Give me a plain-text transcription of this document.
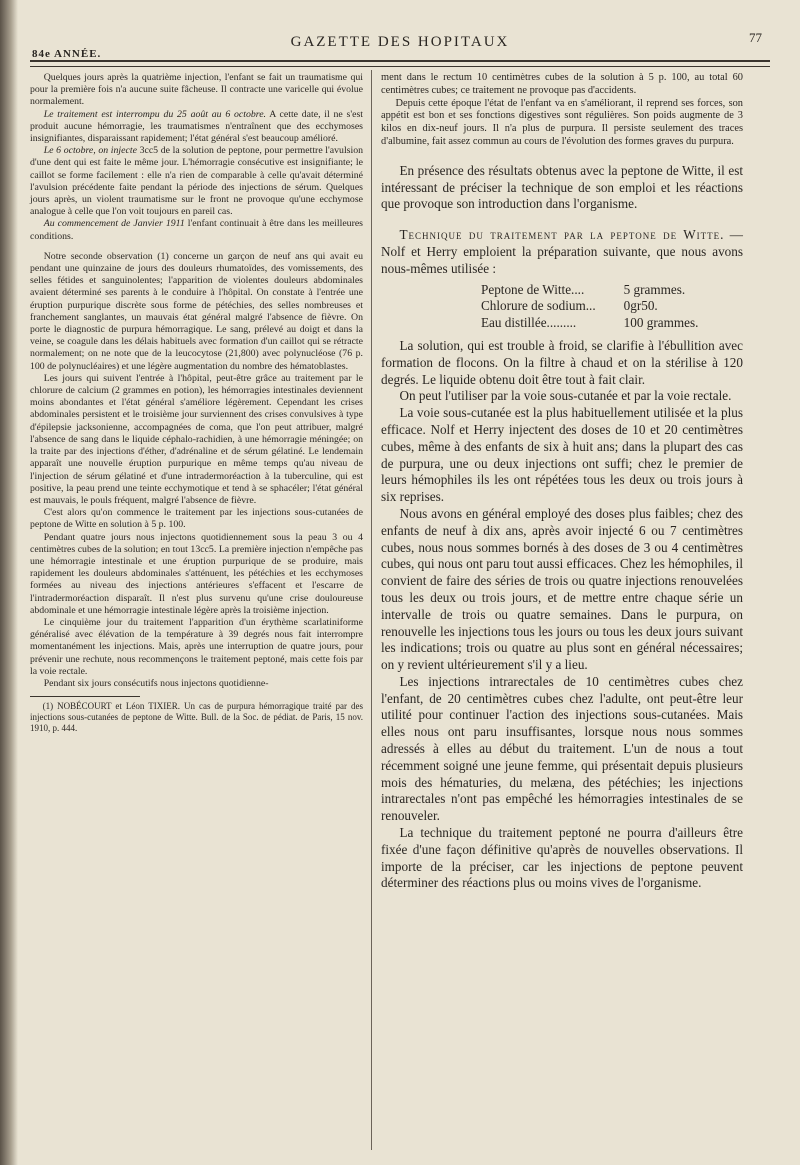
GAZETTE DES HOPITAUX
84e ANNÉE.
77

Quelques jours après la quatrième injection, l'enfant se fait un traumatisme qui pour la première fois n'a aucune suite fâcheuse. Il contracte une varicelle qui évolue normalement.

Le traitement est interrompu du 25 août au 6 octobre. A cette date, il ne s'est produit aucune hémorragie, les traumatismes n'entraînent que des ecchymoses insignifiantes, disparaissant rapidement; l'état général s'est beaucoup amélioré.

Le 6 octobre, on injecte 3cc5 de la solution de peptone, pour permettre l'avulsion d'une dent qui est faite le même jour. L'hémorragie consécutive est insignifiante; le caillot se forme facilement : elle n'a rien de comparable à celle qu'avait déterminé l'avulsion précédente faite pendant la période des injections de sérum. Quelques jours après, un violent traumatisme sur le front ne provoque qu'une ecchymose analogue à celle que l'on voit toujours en pareil cas.

Au commencement de Janvier 1911 l'enfant continuait à être dans les meilleures conditions.

Notre seconde observation (1) concerne un garçon de neuf ans qui avait eu pendant une quinzaine de jours des douleurs rhumatoïdes, des vomissements, des selles fétides et sanguinolentes; l'apparition de violentes douleurs abdominales avaient déterminé ses parents à le conduire à l'hôpital. On constate à l'entrée une éruption purpurique discrète sous forme de pétéchies, des selles nombreuses et franchement sanglantes, un mauvais état général malgré l'absence de fièvre. On porte le diagnostic de purpura hémorragique. Le sang, prélevé au doigt et dans la veine, se coagule dans les délais habituels avec formation d'un caillot qui se rétracte normalement; on ne note que de la leucocytose (21,800) avec polynucléose (76 p. 100 de polynucléaires) et une légère augmentation du nombre des hématoblastes.

Les jours qui suivent l'entrée à l'hôpital, peut-être grâce au traitement par le chlorure de calcium (2 grammes en potion), les hémorragies intestinales deviennent moins abondantes et l'état général s'améliore légèrement. Cependant les crises abdominales persistent et le troisième jour surviennent des crises convulsives à type d'épilepsie jacksonienne, accompagnées de coma, que l'on peut attribuer, malgré l'absence de sang dans le liquide céphalo-rachidien, à une hémorragie méningée; on la traite par des injections d'éther, d'adrénaline et de sérum gélatiné. Le lendemain apparaît une nouvelle éruption purpurique en même temps qu'au niveau de l'injection de sérum gélatiné et d'une intradermoréaction à la tuberculine, qui est positive, la peau prend une teinte ecchymotique et tend à se sphacéler; l'état général est mauvais, le pouls fréquent, malgré l'absence de fièvre.

C'est alors qu'on commence le traitement par les injections sous-cutanées de peptone de Witte en solution à 5 p. 100.

Pendant quatre jours nous injectons quotidiennement sous la peau 3 ou 4 centimètres cubes de la solution; en tout 13cc5. La première injection n'empêche pas une hémorragie intestinale et une éruption purpurique de se produire, mais rapidement les douleurs abdominales s'atténuent, les pétéchies et les ecchymoses formées au niveau des injections antérieures s'effacent et l'escarre de l'intradermoréaction disparaît. Il n'est plus survenu qu'une crise douloureuse abdominale et une hémorragie intestinale légère après la troisième injection.

Le cinquième jour du traitement l'apparition d'un érythème scarlatiniforme généralisé avec élévation de la température à 39 degrés nous fait interrompre momentanément les injections. Mais, après une interruption de quatre jours, pour prévenir une rechute, nous recommençons le traitement peptoné, mais cette fois par la voie rectale.

Pendant six jours consécutifs nous injectons quotidienne-

(1) NOBÉCOURT et Léon TIXIER. Un cas de purpura hémorragique traité par des injections sous-cutanées de peptone de Witte. Bull. de la Soc. de pédiat. de Paris, 15 nov. 1910, p. 444.

ment dans le rectum 10 centimètres cubes de la solution à 5 p. 100, au total 60 centimètres cubes; ce traitement ne provoque pas d'accidents.

Depuis cette époque l'état de l'enfant va en s'améliorant, il reprend ses forces, son appétit est bon et ses fonctions digestives sont régulières. Son poids augmente de 3 kilos en dix-neuf jours. Il n'a plus de purpura. Il persiste seulement des traces d'albumine, fait assez commun au cours de l'évolution des formes graves du purpura.

En présence des résultats obtenus avec la peptone de Witte, il est intéressant de préciser la technique de son emploi et les réactions que provoque son introduction dans l'organisme.

Technique du traitement par la peptone de Witte. — Nolf et Herry emploient la préparation suivante, que nous avons nous-mêmes utilisée :

Peptone de Witte....	5 grammes.
Chlorure de sodium...	0gr50.
Eau distillée.........	100 grammes.

La solution, qui est trouble à froid, se clarifie à l'ébullition avec formation de flocons. On la filtre à chaud et on la stérilise à 120 degrés. Le liquide obtenu doit être tout à fait clair.

On peut l'utiliser par la voie sous-cutanée et par la voie rectale.

La voie sous-cutanée est la plus habituellement utilisée et la plus efficace. Nolf et Herry injectent des doses de 10 et 20 centimètres cubes, même à des enfants de six à huit ans; dans la plupart des cas de purpura, une ou deux injections ont suffi; chez le premier de leurs hémophiles ils les ont répétées tous les deux ou trois jours à six reprises.

Nous avons en général employé des doses plus faibles; chez des enfants de neuf à dix ans, après avoir injecté 6 ou 7 centimètres cubes, nous nous sommes bornés à des doses de 3 ou 4 centimètres cubes, qui nous ont paru tout aussi efficaces. Chez les hémophiles, il convient de faire des séries de trois ou quatre injections renouvelées tous les deux ou trois jours, et de mettre entre chaque série un intervalle de trois ou quatre semaines. Dans le purpura, on renouvelle les injections tous les jours ou tous les deux jours suivant les indications; trois ou quatre au plus sont en général nécessaires; on y revient ultérieurement s'il y a lieu.

Les injections intrarectales de 10 centimètres cubes chez l'enfant, de 20 centimètres cubes chez l'adulte, ont peut-être leur utilité pour continuer l'action des injections sous-cutanées. Mais elles nous ont paru insuffisantes, lorsque nous nous sommes adressés à elles au début du traitement. L'un de nous a tout récemment soigné une jeune femme, qui présentait depuis plusieurs mois des hématuries, du melæna, des pétéchies; les injections intrarectales n'ont pas empêché les hémorragies intestinales de se renouveler.

La technique du traitement peptoné ne pourra d'ailleurs être fixée d'une façon définitive qu'après de nouvelles observations. Il importe de la préciser, car les injections de peptone peuvent déterminer des réactions plus ou moins vives de l'organisme.
